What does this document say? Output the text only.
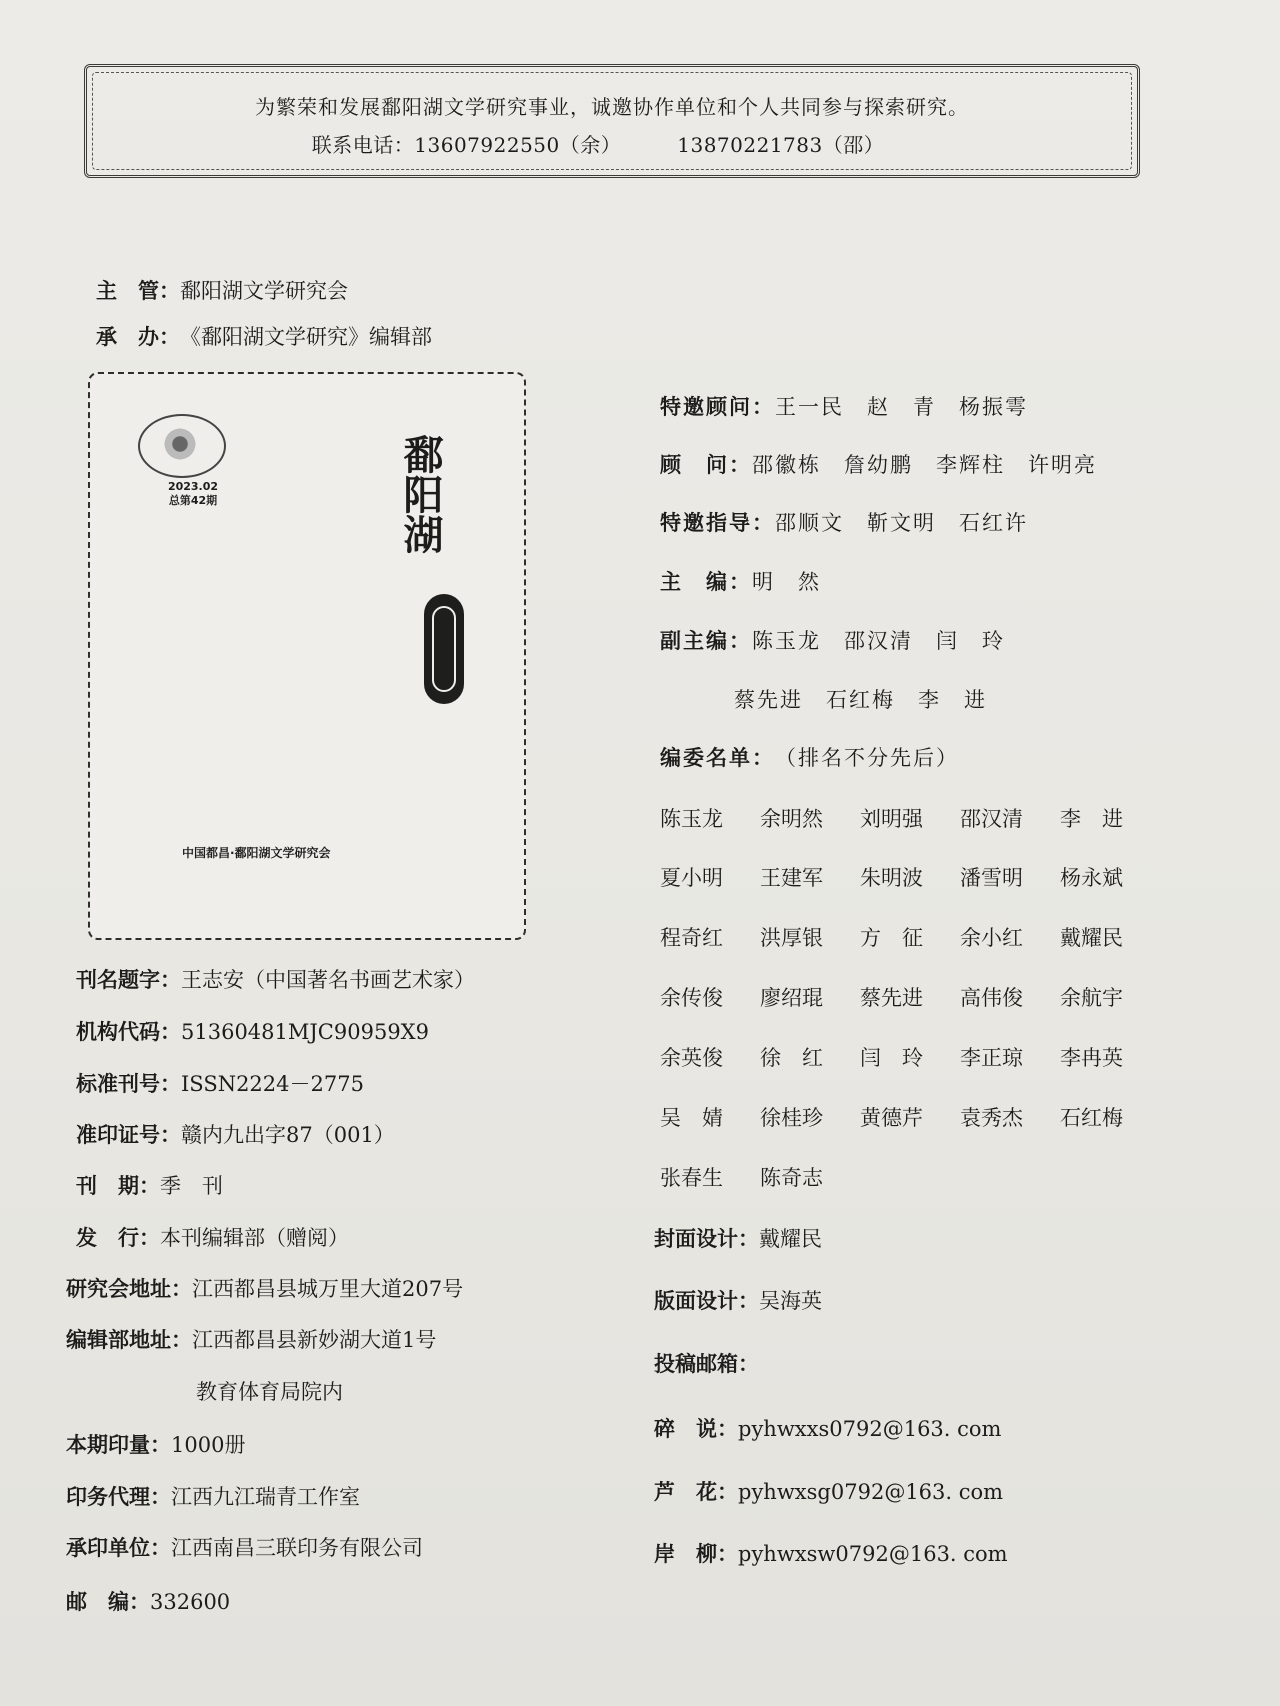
为繁荣和发展鄱阳湖文学研究事业，诚邀协作单位和个人共同参与探索研究。
联系电话：13607922550（余）	13870221783（邵）
主　管：鄱阳湖文学研究会
承　办：《鄱阳湖文学研究》编辑部
2023.02
总第42期	鄱阳湖
中国都昌·鄱阳湖文学研究会
刊名题字：王志安（中国著名书画艺术家）
机构代码：51360481MJC90959X9
标准刊号：ISSN2224－2775
准印证号：赣内九出字87（001）
刊　期：季　刊
发　行：本刊编辑部（赠阅）
研究会地址：江西都昌县城万里大道207号
编辑部地址：江西都昌县新妙湖大道1号
教育体育局院内
本期印量：1000册
印务代理：江西九江瑞青工作室
承印单位：江西南昌三联印务有限公司
邮　编：332600
特邀顾问：王一民　赵　青　杨振雩
顾　问：邵徽栋　詹幼鹏　李辉柱　许明亮
特邀指导：邵顺文　靳文明　石红许
主　编：明　然
副主编：陈玉龙　邵汉清　闫　玲
蔡先进　石红梅　李　进
编委名单：（排名不分先后）
陈玉龙 余明然 刘明强 邵汉清 李　进
夏小明 王建军 朱明波 潘雪明 杨永斌
程奇红 洪厚银 方　征 余小红 戴耀民
余传俊 廖绍琨 蔡先进 高伟俊 余航宇
余英俊 徐　红 闫　玲 李正琼 李冉英
吴　婧 徐桂珍 黄德芹 袁秀杰 石红梅
张春生 陈奇志
封面设计：戴耀民
版面设计：吴海英
投稿邮箱：
碎　说：pyhwxxs0792@163. com
芦　花：pyhwxsg0792@163. com
岸　柳：pyhwxsw0792@163. com
